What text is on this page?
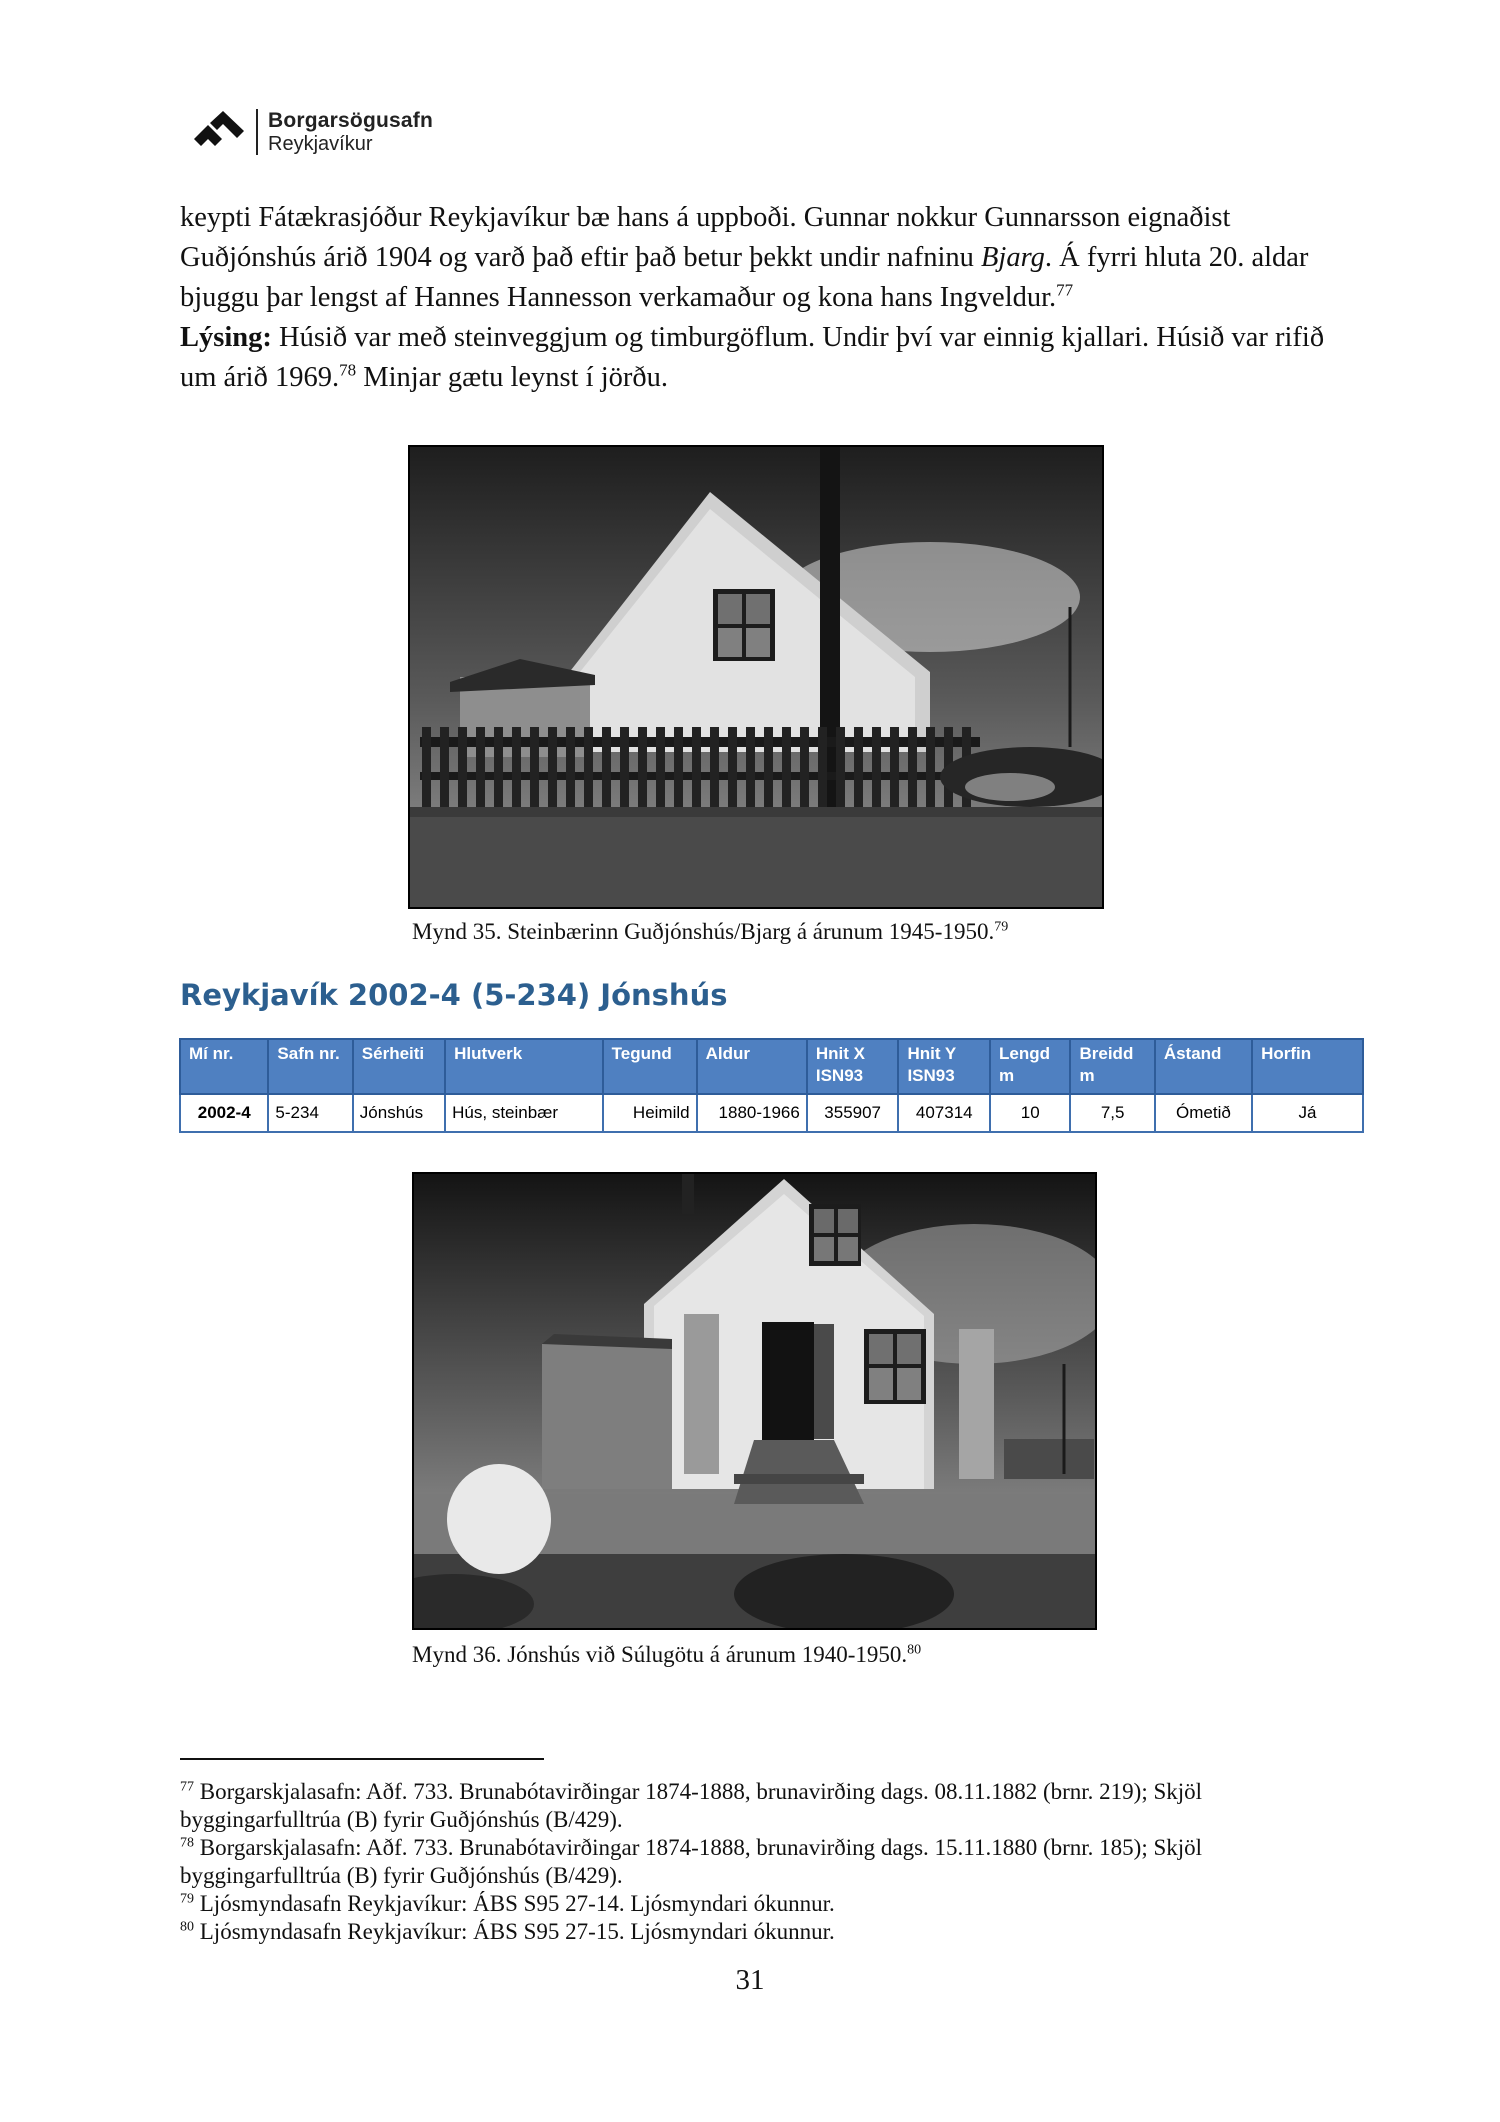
Borgarsögusafn
Reykjavíkur

keypti Fátækrasjóður Reykjavíkur bæ hans á uppboði. Gunnar nokkur Gunnarsson eignaðist Guðjónshús árið 1904 og varð það eftir það betur þekkt undir nafninu Bjarg. Á fyrri hluta 20. aldar bjuggu þar lengst af Hannes Hannesson verkamaður og kona hans Ingveldur.$^{77}$

Lýsing: Húsið var með steinveggjum og timburgöflum. Undir því var einnig kjallari. Húsið var rifið um árið 1969.78 Minjar gætu leynst í jörðu.

Mynd 35. Steinbærinn Guðjónshús/Bjarg á árunum 1945-1950.79
Reykjavík 2002-4 (5-234) Jónshús
Mí nr.	Safn nr.	Sérheiti	Hlutverk	Tegund	Aldur	Hnit X ISN93	Hnit Y ISN93	Lengd m	Breidd m	Ástand	Horfin
2002-4	5-234	Jónshús	Hús, steinbær	Heimild	1880-1966	355907	407314	10	7,5	Ómetið	Já
Mynd 36. Jónshús við Súlugötu á árunum 1940-1950.80

$^{77}$ Borgarskjalasafn: Aðf. 733. Brunabótavirðingar 1874-1888, brunavirðing dags. 08.11.1882 (brnr. 219); Skjöl byggingarfulltrúa (B) fyrir Guðjónshús (B/429).

$^{78}$ Borgarskjalasafn: Aðf. 733. Brunabótavirðingar 1874-1888, brunavirðing dags. 15.11.1880 (brnr. 185); Skjöl byggingarfulltrúa (B) fyrir Guðjónshús (B/429).

$^{79}$ Ljósmyndasafn Reykjavíkur: ÁBS S95 27-14. Ljósmyndari ókunnur.

$^{80}$ Ljósmyndasafn Reykjavíkur: ÁBS S95 27-15. Ljósmyndari ókunnur.

31
